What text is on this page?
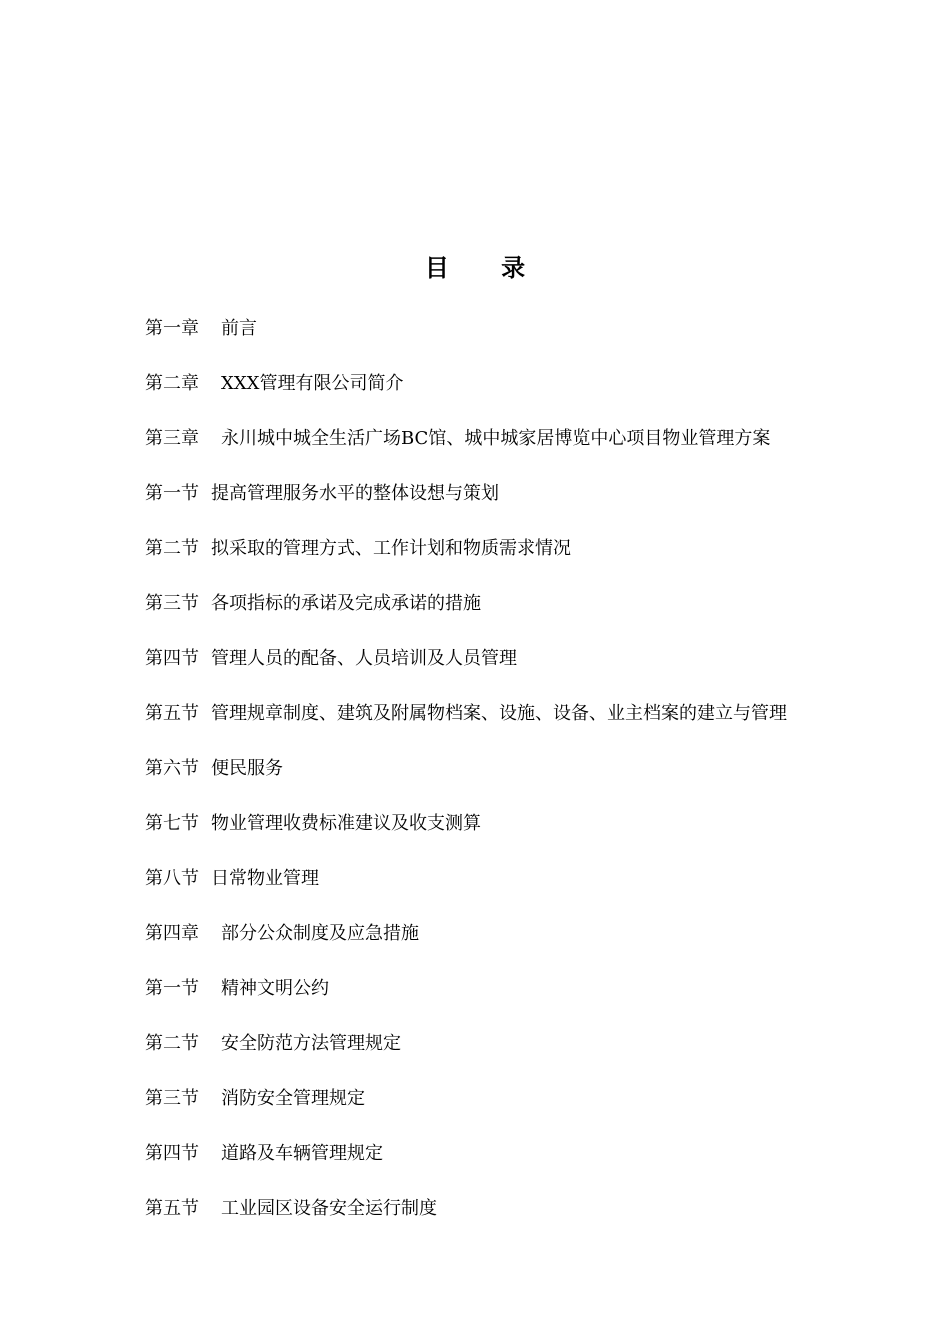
目 录
第一章 前言
第二章 XXX管理有限公司简介
第三章 永川城中城全生活广场BC馆、城中城家居博览中心项目物业管理方案
第一节 提高管理服务水平的整体设想与策划
第二节 拟采取的管理方式、工作计划和物质需求情况
第三节 各项指标的承诺及完成承诺的措施
第四节 管理人员的配备、人员培训及人员管理
第五节 管理规章制度、建筑及附属物档案、设施、设备、业主档案的建立与管理
第六节 便民服务
第七节 物业管理收费标准建议及收支测算
第八节 日常物业管理
第四章 部分公众制度及应急措施
第一节 精神文明公约
第二节 安全防范方法管理规定
第三节 消防安全管理规定
第四节 道路及车辆管理规定
第五节 工业园区设备安全运行制度
